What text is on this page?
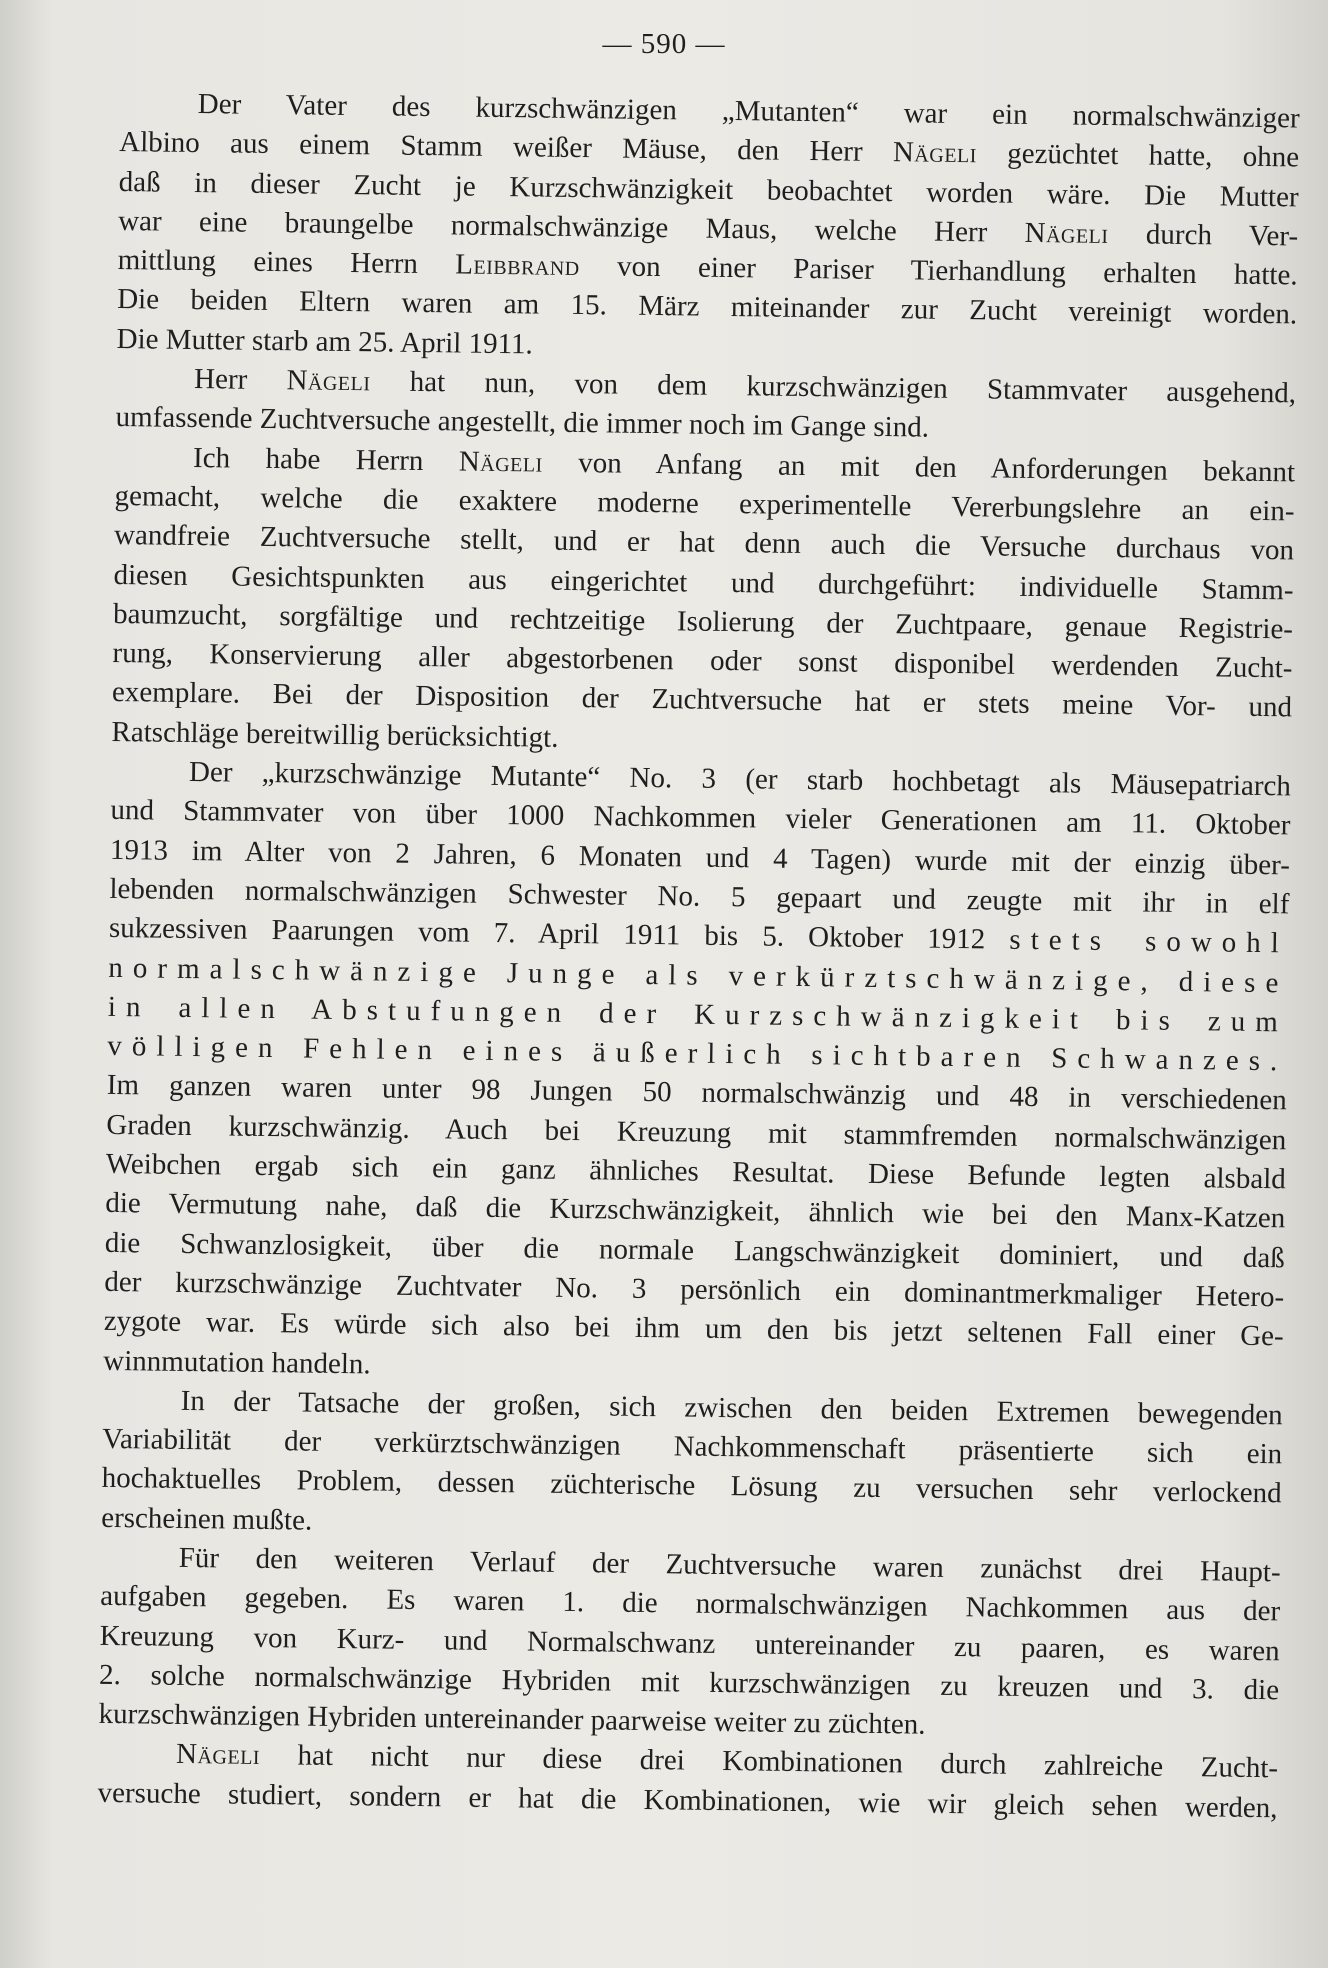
— 590 —
Der Vater des kurzschwänzigen „Mutanten“ war ein normalschwänziger
Albino aus einem Stamm weißer Mäuse, den Herr Nägeli gezüchtet hatte, ohne
daß in dieser Zucht je Kurzschwänzigkeit beobachtet worden wäre. Die Mutter
war eine braungelbe normalschwänzige Maus, welche Herr Nägeli durch Ver-
mittlung eines Herrn Leibbrand von einer Pariser Tierhandlung erhalten hatte.
Die beiden Eltern waren am 15. März miteinander zur Zucht vereinigt worden.
Die Mutter starb am 25. April 1911.
Herr Nägeli hat nun, von dem kurzschwänzigen Stammvater ausgehend,
umfassende Zuchtversuche angestellt, die immer noch im Gange sind.
Ich habe Herrn Nägeli von Anfang an mit den Anforderungen bekannt
gemacht, welche die exaktere moderne experimentelle Vererbungslehre an ein-
wandfreie Zuchtversuche stellt, und er hat denn auch die Versuche durchaus von
diesen Gesichtspunkten aus eingerichtet und durchgeführt: individuelle Stamm-
baumzucht, sorgfältige und rechtzeitige Isolierung der Zuchtpaare, genaue Registrie-
rung, Konservierung aller abgestorbenen oder sonst disponibel werdenden Zucht-
exemplare. Bei der Disposition der Zuchtversuche hat er stets meine Vor- und
Ratschläge bereitwillig berücksichtigt.
Der „kurzschwänzige Mutante“ No. 3 (er starb hochbetagt als Mäusepatriarch
und Stammvater von über 1000 Nachkommen vieler Generationen am 11. Oktober
1913 im Alter von 2 Jahren, 6 Monaten und 4 Tagen) wurde mit der einzig über-
lebenden normalschwänzigen Schwester No. 5 gepaart und zeugte mit ihr in elf
sukzessiven Paarungen vom 7. April 1911 bis 5. Oktober 1912 stets sowohl
normalschwänzige Junge als verkürztschwänzige, diese
in allen Abstufungen der Kurzschwänzigkeit bis zum
völligen Fehlen eines äußerlich sichtbaren Schwanzes.
Im ganzen waren unter 98 Jungen 50 normalschwänzig und 48 in verschiedenen
Graden kurzschwänzig. Auch bei Kreuzung mit stammfremden normalschwänzigen
Weibchen ergab sich ein ganz ähnliches Resultat. Diese Befunde legten alsbald
die Vermutung nahe, daß die Kurzschwänzigkeit, ähnlich wie bei den Manx-Katzen
die Schwanzlosigkeit, über die normale Langschwänzigkeit dominiert, und daß
der kurzschwänzige Zuchtvater No. 3 persönlich ein dominantmerkmaliger Hetero-
zygote war. Es würde sich also bei ihm um den bis jetzt seltenen Fall einer Ge-
winnmutation handeln.
In der Tatsache der großen, sich zwischen den beiden Extremen bewegenden
Variabilität der verkürztschwänzigen Nachkommenschaft präsentierte sich ein
hochaktuelles Problem, dessen züchterische Lösung zu versuchen sehr verlockend
erscheinen mußte.
Für den weiteren Verlauf der Zuchtversuche waren zunächst drei Haupt-
aufgaben gegeben. Es waren 1. die normalschwänzigen Nachkommen aus der
Kreuzung von Kurz- und Normalschwanz untereinander zu paaren, es waren
2. solche normalschwänzige Hybriden mit kurzschwänzigen zu kreuzen und 3. die
kurzschwänzigen Hybriden untereinander paarweise weiter zu züchten.
Nägeli hat nicht nur diese drei Kombinationen durch zahlreiche Zucht-
versuche studiert, sondern er hat die Kombinationen, wie wir gleich sehen werden,
